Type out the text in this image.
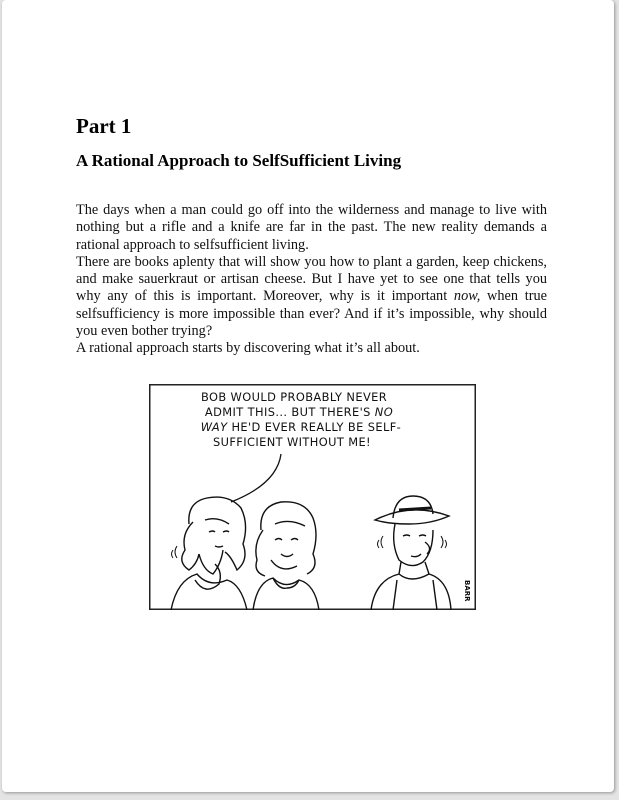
Part 1
A Rational Approach to SelfSufficient Living

The days when a man could go off into the wilderness and manage to live with nothing but a rifle and a knife are far in the past. The new reality demands a rational approach to selfsufficient living.

There are books aplenty that will show you how to plant a garden, keep chickens, and make sauerkraut or artisan cheese. But I have yet to see one that tells you why any of this is important. Moreover, why is it important now, when true selfsufficiency is more impossible than ever? And if it’s impossible, why should you even bother trying?

A rational approach starts by discovering what it’s all about.

BOB WOULD PROBABLY NEVER
ADMIT THIS... BUT THERE'S NO
WAY HE'D EVER REALLY BE SELF-
SUFFICIENT WITHOUT ME!
BARR
